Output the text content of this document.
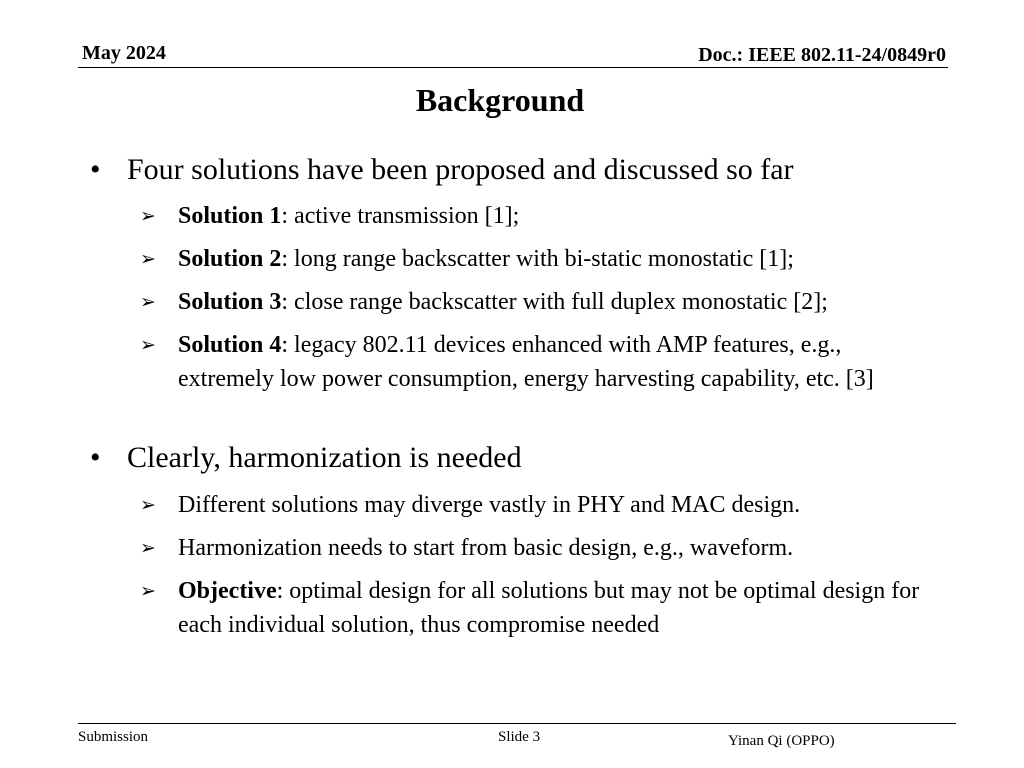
May 2024	Doc.: IEEE 802.11-24/0849r0
Background
• Four solutions have been proposed and discussed so far
➢ Solution 1: active transmission [1];
➢ Solution 2: long range backscatter with bi-static monostatic [1];
➢ Solution 3: close range backscatter with full duplex monostatic [2];
➢ Solution 4: legacy 802.11 devices enhanced with AMP features, e.g., extremely low power consumption, energy harvesting capability, etc. [3]
• Clearly, harmonization is needed
➢ Different solutions may diverge vastly in PHY and MAC design.
➢ Harmonization needs to start from basic design, e.g., waveform.
➢ Objective: optimal design for all solutions but may not be optimal design for each individual solution, thus compromise needed
Submission	Slide 3	Yinan Qi (OPPO)
